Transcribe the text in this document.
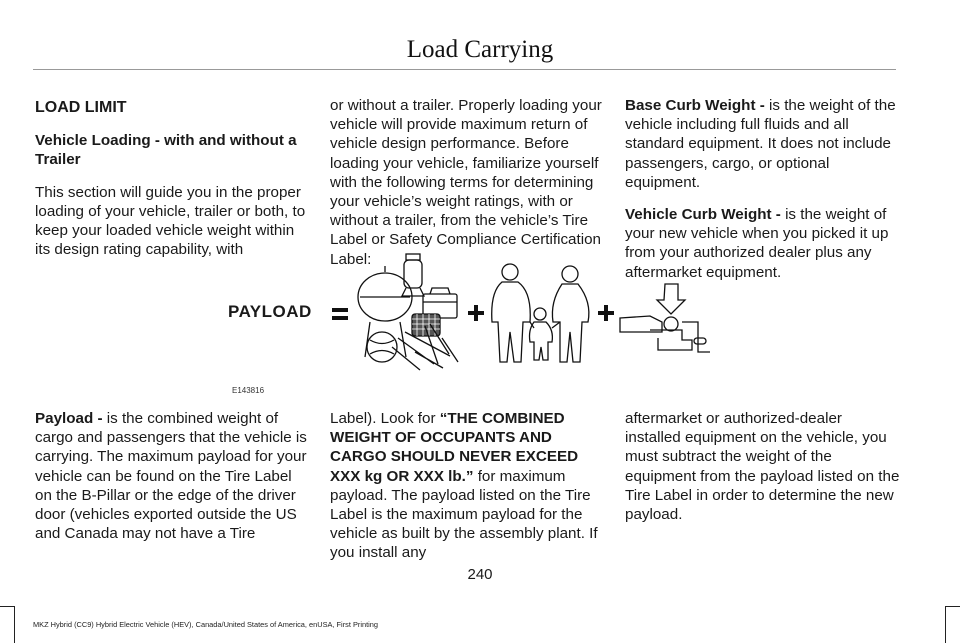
Load Carrying
LOAD LIMIT

Vehicle Loading - with and without a Trailer

This section will guide you in the proper loading of your vehicle, trailer or both, to keep your loaded vehicle weight within its design rating capability, with

or without a trailer. Properly loading your vehicle will provide maximum return of vehicle design performance. Before loading your vehicle, familiarize yourself with the following terms for determining your vehicle’s weight ratings, with or without a trailer, from the vehicle’s Tire Label or Safety Compliance Certification Label:

Base Curb Weight - is the weight of the vehicle including full fluids and all standard equipment. It does not include passengers, cargo, or optional equipment.

Vehicle Curb Weight - is the weight of your new vehicle when you picked it up from your authorized dealer plus any aftermarket equipment.

PAYLOAD
E143816

Payload - is the combined weight of cargo and passengers that the vehicle is carrying. The maximum payload for your vehicle can be found on the Tire Label on the B-Pillar or the edge of the driver door (vehicles exported outside the US and Canada may not have a Tire

Label). Look for “THE COMBINED WEIGHT OF OCCUPANTS AND CARGO SHOULD NEVER EXCEED XXX kg OR XXX lb.” for maximum payload. The payload listed on the Tire Label is the maximum payload for the vehicle as built by the assembly plant. If you install any

aftermarket or authorized-dealer installed equipment on the vehicle, you must subtract the weight of the equipment from the payload listed on the Tire Label in order to determine the new payload.

240
MKZ Hybrid (CC9) Hybrid Electric Vehicle (HEV), Canada/United States of America, enUSA, First Printing
